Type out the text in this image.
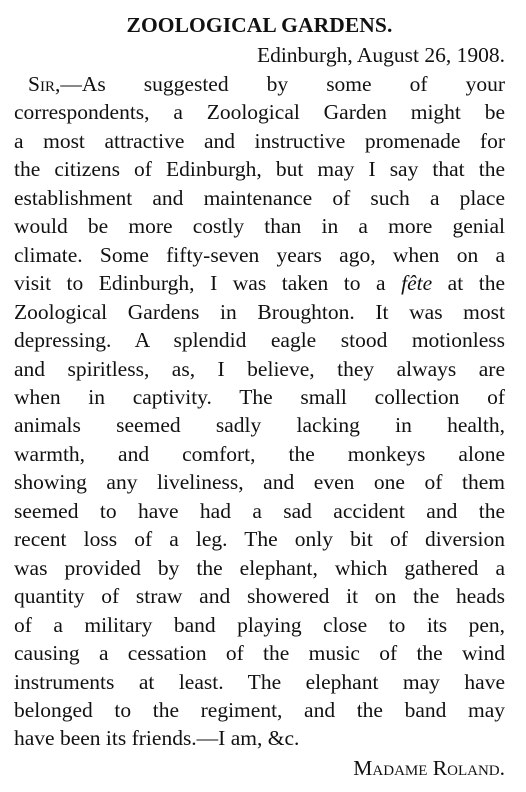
ZOOLOGICAL GARDENS.

Edinburgh, August 26, 1908.

Sir,—As suggested by some of your
correspondents, a Zoological Garden might be
a most attractive and instructive promenade for
the citizens of Edinburgh, but may I say that the
establishment and maintenance of such a place
would be more costly than in a more genial
climate. Some fifty-seven years ago, when on a
visit to Edinburgh, I was taken to a fête at the
Zoological Gardens in Broughton. It was most
depressing. A splendid eagle stood motionless
and spiritless, as, I believe, they always are
when in captivity. The small collection of
animals seemed sadly lacking in health,
warmth, and comfort, the monkeys alone
showing any liveliness, and even one of them
seemed to have had a sad accident and the
recent loss of a leg. The only bit of diversion
was provided by the elephant, which gathered a
quantity of straw and showered it on the heads
of a military band playing close to its pen,
causing a cessation of the music of the wind
instruments at least. The elephant may have
belonged to the regiment, and the band may
have been its friends.—I am, &c.

Madame Roland.
